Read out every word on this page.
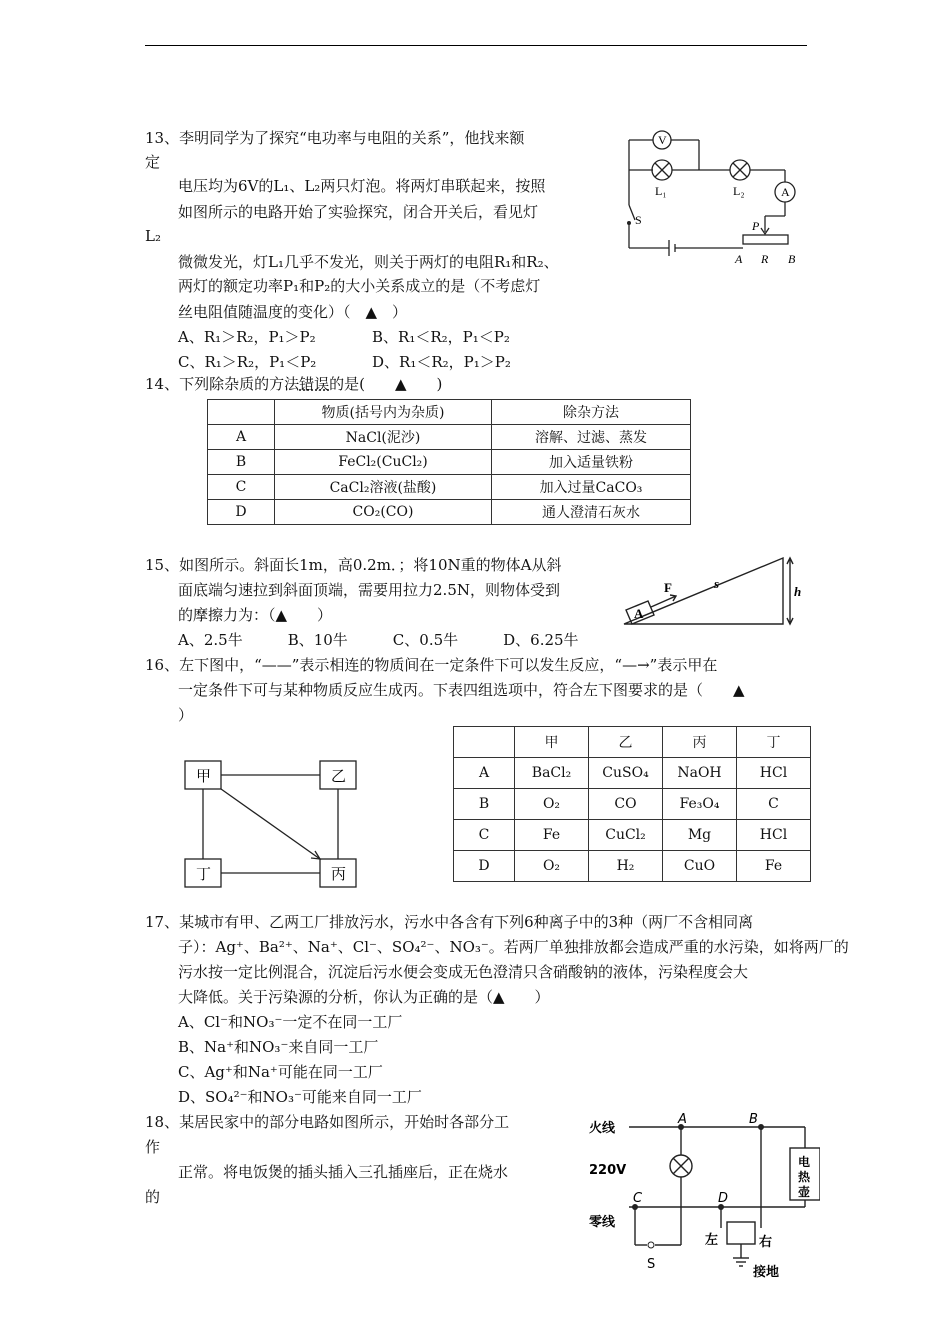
13、李明同学为了探究“电功率与电阻的关系”，他找来额
定
电压均为6V的L₁、L₂两只灯泡。将两灯串联起来，按照
如图所示的电路开始了实验探究，闭合开关后，看见灯
L₂
微微发光，灯L₁几乎不发光，则关于两灯的电阻R₁和R₂、
两灯的额定功率P₁和P₂的大小关系成立的是（不考虑灯
丝电阻值随温度的变化）（　▲　）
A、R₁＞R₂，P₁＞P₂	B、R₁＜R₂，P₁＜P₂
C、R₁＞R₂，P₁＜P₂	D、R₁＜R₂，P₁＞P₂
V
L₁	L₂	A
S	P
A R B
14、下列除杂质的方法错误的是(　　▲　　)
	物质(括号内为杂质)	除杂方法
A	NaCl(泥沙)	溶解、过滤、蒸发
B	FeCl₂(CuCl₂)	加入适量铁粉
C	CaCl₂溶液(盐酸)	加入过量CaCO₃
D	CO₂(CO)	通人澄清石灰水
15、如图所示。斜面长1m，高0.2m．；将10N重的物体A从斜
面底端匀速拉到斜面顶端，需要用拉力2.5N，则物体受到
的摩擦力为：（▲　　）
A、2.5牛　　　B、10牛　　　C、0.5牛　　　D、6.25牛
A
F	s
h
16、左下图中，“——”表示相连的物质间在一定条件下可以发生反应，“—→”表示甲在
一定条件下可与某种物质反应生成丙。下表四组选项中，符合左下图要求的是（　　▲
）
甲	乙
丁	丙
	甲	乙	丙	丁
A	BaCl₂	CuSO₄	NaOH	HCl
B	O₂	CO	Fe₃O₄	C
C	Fe	CuCl₂	Mg	HCl
D	O₂	H₂	CuO	Fe
17、某城市有甲、乙两工厂排放污水，污水中各含有下列6种离子中的3种（两厂不含相同离
子）：Ag⁺、Ba²⁺、Na⁺、Cl⁻、SO₄²⁻、NO₃⁻。若两厂单独排放都会造成严重的水污染，如将两厂的
污水按一定比例混合，沉淀后污水便会变成无色澄清只含硝酸钠的液体，污染程度会大
大降低。关于污染源的分析，你认为正确的是（▲　　）
A、Cl⁻和NO₃⁻一定不在同一工厂
B、Na⁺和NO₃⁻来自同一工厂
C、Ag⁺和Na⁺可能在同一工厂
D、SO₄²⁻和NO₃⁻可能来自同一工厂
18、某居民家中的部分电路如图所示，开始时各部分工
作
正常。将电饭煲的插头插入三孔插座后，正在烧水
的
火线
220V
零线
A	B
C	D
S
左	右
接地
电热壶
